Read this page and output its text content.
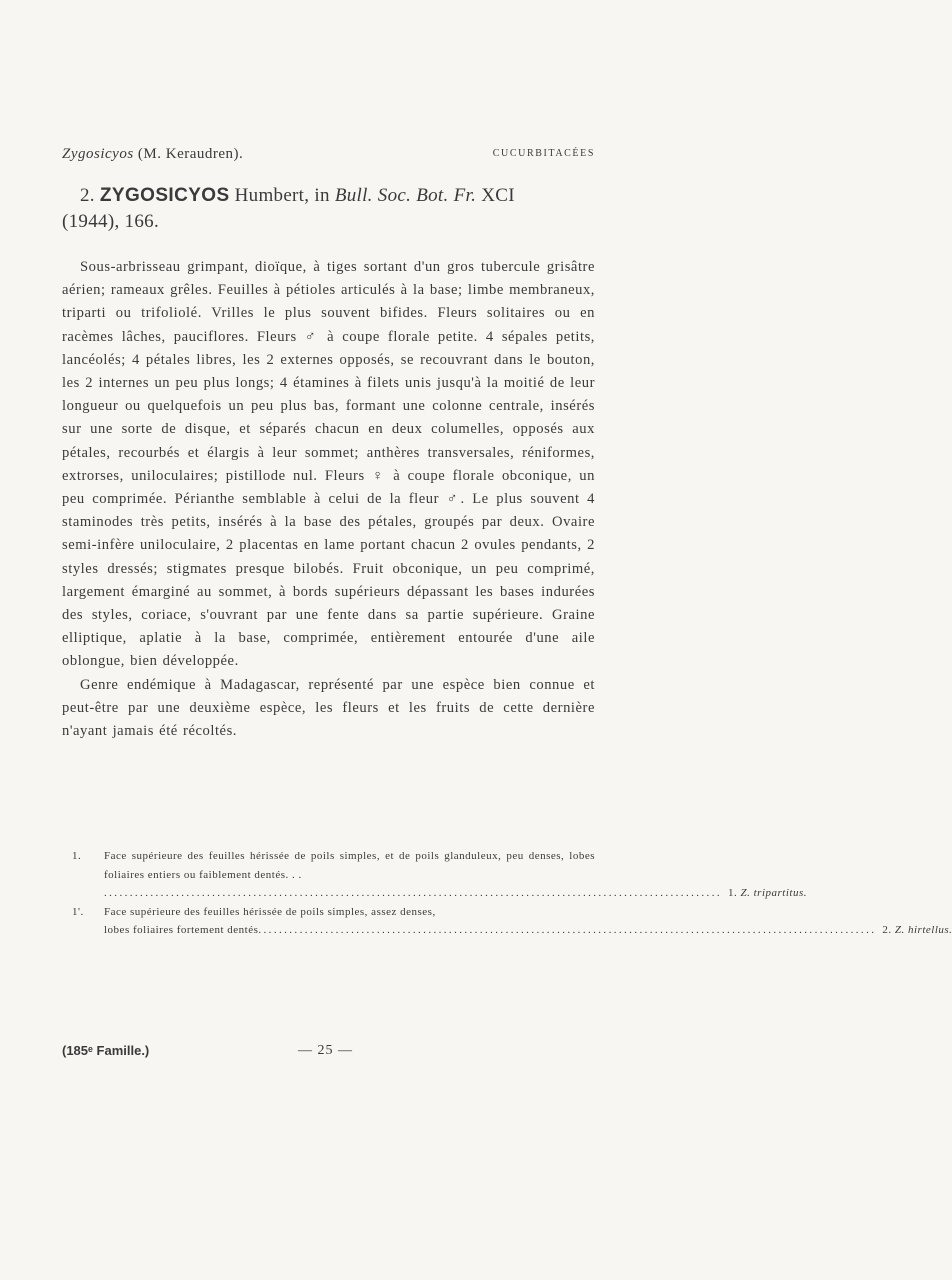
Zygosicyos (M. Keraudren).	CUCURBITACÉES
2. ZYGOSICYOS Humbert, in Bull. Soc. Bot. Fr. XCI
(1944), 166.

Sous-arbrisseau grimpant, dioïque, à tiges sortant d'un gros tubercule grisâtre aérien; rameaux grêles. Feuilles à pétioles articulés à la base; limbe membraneux, triparti ou trifoliolé. Vrilles le plus souvent bifides. Fleurs solitaires ou en racèmes lâches, pauciflores. Fleurs ♂ à coupe florale petite. 4 sépales petits, lancéolés; 4 pétales libres, les 2 externes opposés, se recouvrant dans le bouton, les 2 internes un peu plus longs; 4 étamines à filets unis jusqu'à la moitié de leur longueur ou quelquefois un peu plus bas, formant une colonne centrale, insérés sur une sorte de disque, et séparés chacun en deux columelles, opposés aux pétales, recourbés et élargis à leur sommet; anthères transversales, réniformes, extrorses, uniloculaires; pistillode nul. Fleurs ♀ à coupe florale obconique, un peu comprimée. Périanthe semblable à celui de la fleur ♂. Le plus souvent 4 staminodes très petits, insérés à la base des pétales, groupés par deux. Ovaire semi-infère uniloculaire, 2 placentas en lame portant chacun 2 ovules pendants, 2 styles dressés; stigmates presque bilobés. Fruit obconique, un peu comprimé, largement émarginé au sommet, à bords supérieurs dépassant les bases indurées des styles, coriace, s'ouvrant par une fente dans sa partie supérieure. Graine elliptique, aplatie à la base, comprimée, entièrement entourée d'une aile oblongue, bien développée.

Genre endémique à Madagascar, représenté par une espèce bien connue et peut-être par une deuxième espèce, les fleurs et les fruits de cette dernière n'ayant jamais été récoltés.

1. Face supérieure des feuilles hérissée de poils simples, et de poils glanduleux, peu denses, lobes foliaires entiers ou faiblement dentés. . .
........................................................................................................................ 1. Z. tripartitus.
1'. Face supérieure des feuilles hérissée de poils simples, assez denses,
lobes foliaires fortement dentés ........................................................................................................................ 2. Z. hirtellus.
(185ᵉ Famille.)	— 25 —
